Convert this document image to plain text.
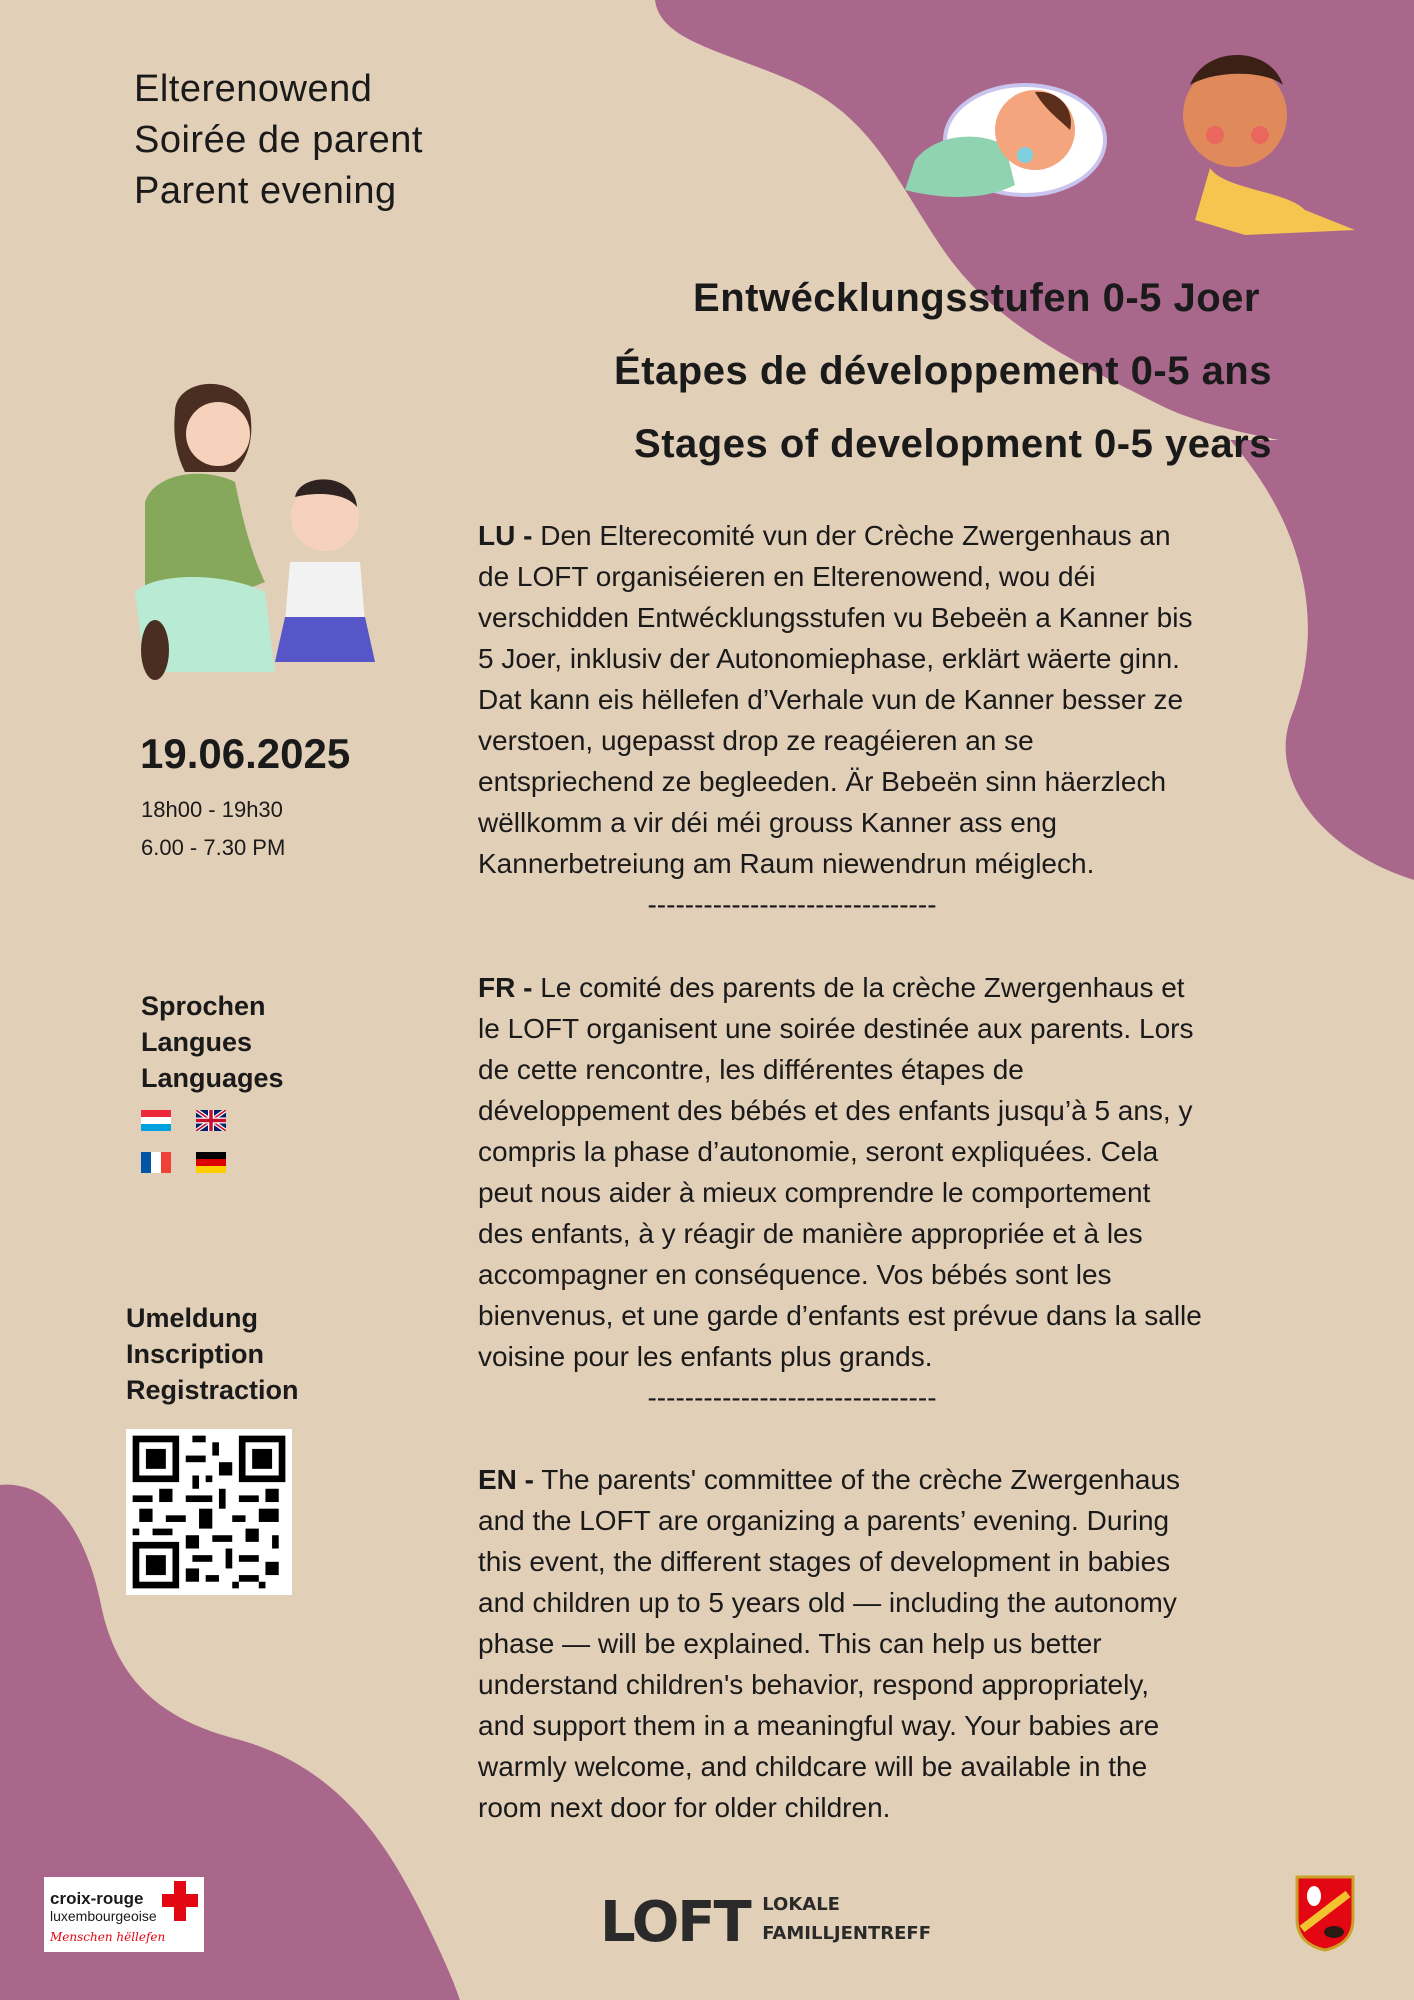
Elterenowend
Soirée de parent
Parent evening
Entwécklungsstufen 0-5 Joer
Étapes de développement 0-5 ans
Stages of development 0-5 years
19.06.2025
18h00 - 19h30
6.00 - 7.30 PM
Sprochen
Langues
Languages
Umeldung
Inscription
Registraction
LU - Den Elterecomité vun der Crèche Zwergenhaus an
de LOFT organiséieren en Elterenowend, wou déi
verschidden Entwécklungsstufen vu Bebeën a Kanner bis
5 Joer, inklusiv der Autonomiephase, erklärt wäerte ginn.
Dat kann eis hëllefen d’Verhale vun de Kanner besser ze
verstoen, ugepasst drop ze reagéieren an se
entspriechend ze begleeden. Är Bebeën sinn häerzlech
wëllkomm a vir déi méi grouss Kanner ass eng
Kannerbetreiung am Raum niewendrun méiglech.
-------------------------------
FR - Le comité des parents de la crèche Zwergenhaus et
le LOFT organisent une soirée destinée aux parents. Lors
de cette rencontre, les différentes étapes de
développement des bébés et des enfants jusqu’à 5 ans, y
compris la phase d’autonomie, seront expliquées. Cela
peut nous aider à mieux comprendre le comportement
des enfants, à y réagir de manière appropriée et à les
accompagner en conséquence. Vos bébés sont les
bienvenus, et une garde d’enfants est prévue dans la salle
voisine pour les enfants plus grands.
-------------------------------
EN - The parents' committee of the crèche Zwergenhaus
and the LOFT are organizing a parents’ evening. During
this event, the different stages of development in babies
and children up to 5 years old — including the autonomy
phase — will be explained. This can help us better
understand children's behavior, respond appropriately,
and support them in a meaningful way. Your babies are
warmly welcome, and childcare will be available in the
room next door for older children.
croix-rouge
luxembourgeoise
Menschen hëllefen	LOFT LOKALE
FAMILLJENTREFF
